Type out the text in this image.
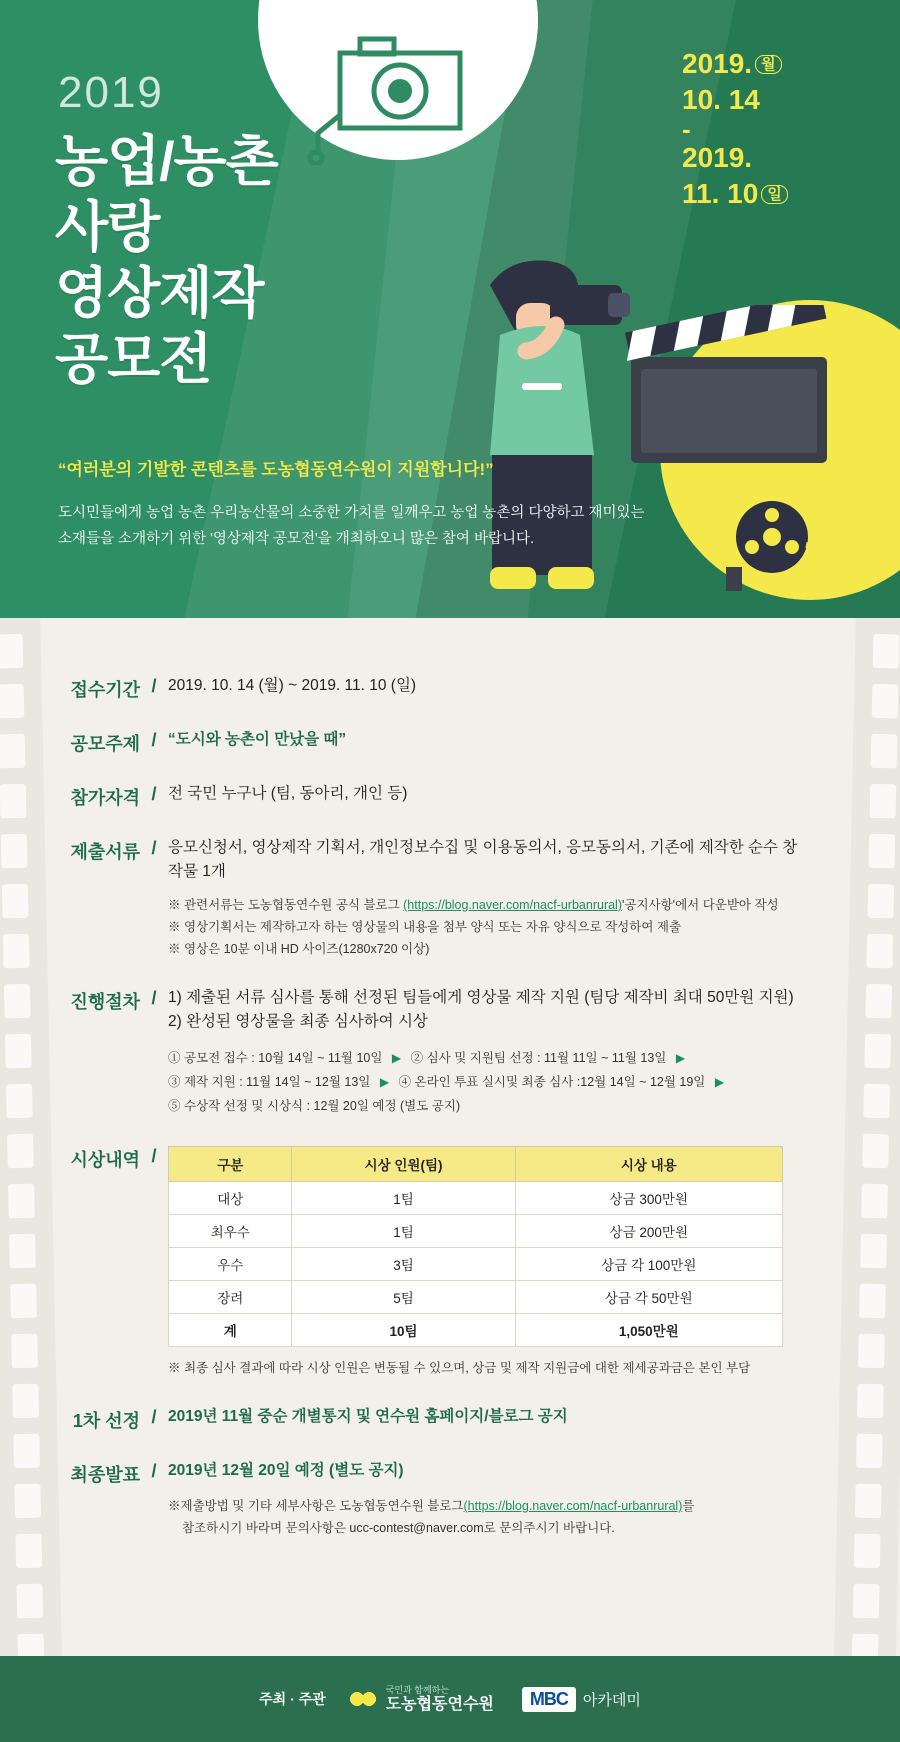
2019
농업/농촌
사랑
영상제작
공모전
“여러분의 기발한 콘텐츠를 도농협동연수원이 지원합니다!”
도시민들에게 농업 농촌 우리농산물의 소중한 가치를 일깨우고 농업 농촌의 다양하고 재미있는
소재들을 소개하기 위한 '영상제작 공모전'을 개최하오니 많은 참여 바랍니다.
2019. 월
10. 14
-
2019.
11. 10 일
접수기간 / 2019. 10. 14 (월) ~ 2019. 11. 10 (일)
공모주제 / “도시와 농촌이 만났을 때”
참가자격 / 전 국민 누구나 (팀, 동아리, 개인 등)
제출서류 / 응모신청서, 영상제작 기획서, 개인정보수집 및 이용동의서, 응모동의서, 기존에 제작한 순수 창작물 1개
※ 관련서류는 도농협동연수원 공식 블로그 (https://blog.naver.com/nacf-urbanrural)'공지사항'에서 다운받아 작성
※ 영상기획서는 제작하고자 하는 영상물의 내용을 첨부 양식 또는 자유 양식으로 작성하여 제출
※ 영상은 10분 이내 HD 사이즈(1280x720 이상)
진행절차 / 1) 제출된 서류 심사를 통해 선정된 팀들에게 영상물 제작 지원 (팀당 제작비 최대 50만원 지원)
2) 완성된 영상물을 최종 심사하여 시상
① 공모전 접수 : 10월 14일 ~ 11월 10일 ▶ ② 심사 및 지원팀 선정 : 11월 11일 ~ 11월 13일 ▶
③ 제작 지원 : 11월 14일 ~ 12월 13일 ▶ ④ 온라인 투표 실시및 최종 심사 :12월 14일 ~ 12월 19일 ▶
⑤ 수상작 선정 및 시상식 : 12월 20일 예정 (별도 공지)
시상내역 /	구분	시상 인원(팀)	시상 내용
대상	1팀	상금 300만원
최우수	1팀	상금 200만원
우수	3팀	상금 각 100만원
장려	5팀	상금 각 50만원
계	10팀	1,050만원
※ 최종 심사 결과에 따라 시상 인원은 변동될 수 있으며, 상금 및 제작 지원금에 대한 제세공과금은 본인 부담
1차 선정 / 2019년 11월 중순 개별통지 및 연수원 홈페이지/블로그 공지
최종발표 / 2019년 12월 20일 예정 (별도 공지)
※제출방법 및 기타 세부사항은 도농협동연수원 블로그(https://blog.naver.com/nacf-urbanrural)를
참조하시기 바라며 문의사항은 ucc-contest@naver.com로 문의주시기 바랍니다.
주최 · 주관
국민과 함께하는
도농협동연수원	MBC	아카데미
